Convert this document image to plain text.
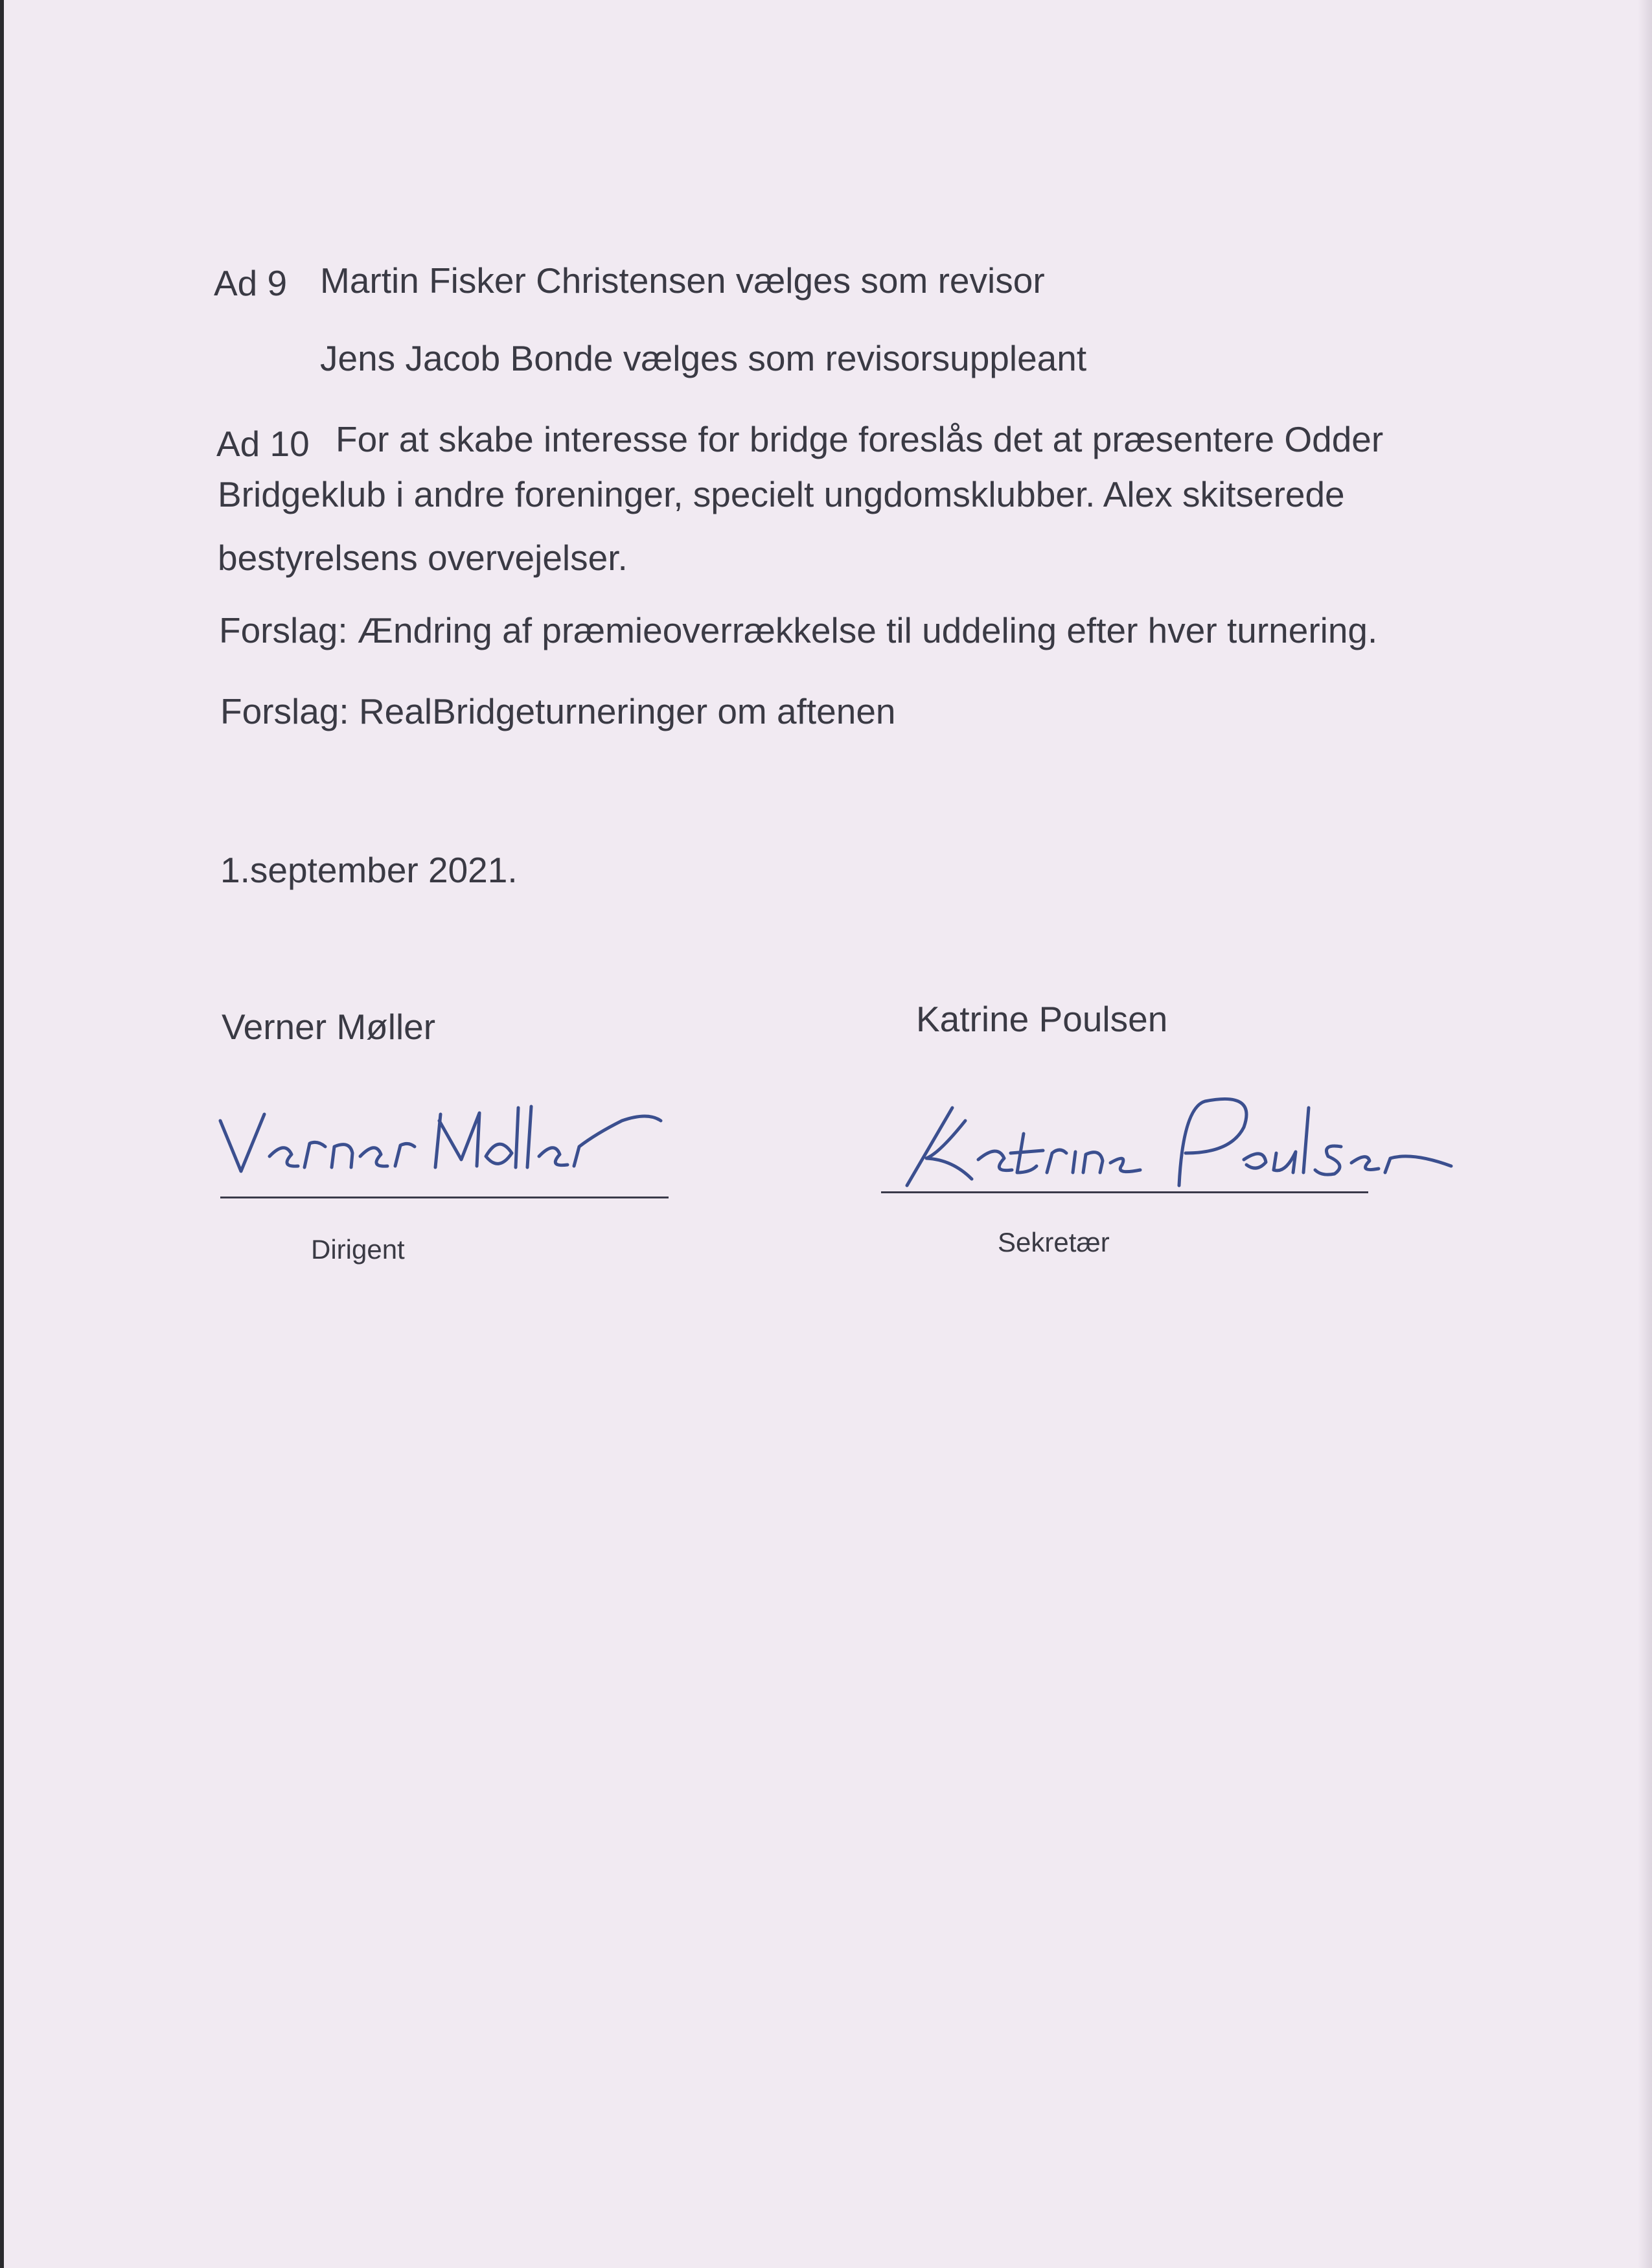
Ad 9 Martin Fisker Christensen vælges som revisor
Jens Jacob Bonde vælges som revisorsuppleant
Ad 10 For at skabe interesse for bridge foreslås det at præsentere Odder
Bridgeklub i andre foreninger, specielt ungdomsklubber. Alex skitserede
bestyrelsens overvejelser.
Forslag: Ændring af præmieoverrækkelse til uddeling efter hver turnering.
Forslag: RealBridgeturneringer om aftenen
1.september 2021.
Verner Møller	Katrine Poulsen
Dirigent	Sekretær
